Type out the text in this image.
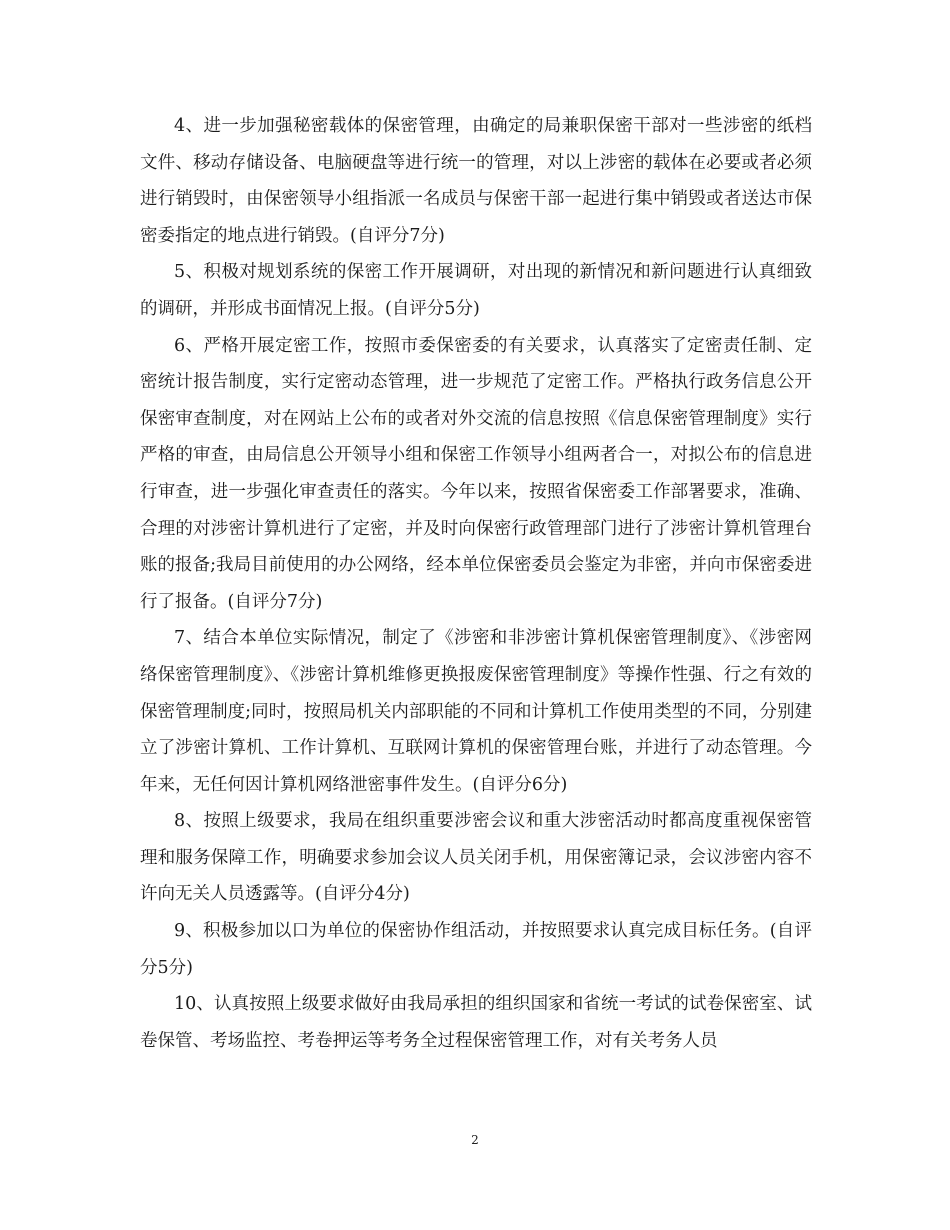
4、进一步加强秘密载体的保密管理，由确定的局兼职保密干部对一些涉密的纸档文件、移动存储设备、电脑硬盘等进行统一的管理，对以上涉密的载体在必要或者必须进行销毁时，由保密领导小组指派一名成员与保密干部一起进行集中销毁或者送达市保密委指定的地点进行销毁。(自评分7分)

5、积极对规划系统的保密工作开展调研，对出现的新情况和新问题进行认真细致的调研，并形成书面情况上报。(自评分5分)

6、严格开展定密工作，按照市委保密委的有关要求，认真落实了定密责任制、定密统计报告制度，实行定密动态管理，进一步规范了定密工作。严格执行政务信息公开保密审查制度，对在网站上公布的或者对外交流的信息按照《信息保密管理制度》实行严格的审查，由局信息公开领导小组和保密工作领导小组两者合一，对拟公布的信息进行审查，进一步强化审查责任的落实。今年以来，按照省保密委工作部署要求，准确、合理的对涉密计算机进行了定密，并及时向保密行政管理部门进行了涉密计算机管理台账的报备;我局目前使用的办公网络，经本单位保密委员会鉴定为非密，并向市保密委进行了报备。(自评分7分)

7、结合本单位实际情况，制定了《涉密和非涉密计算机保密管理制度》、《涉密网络保密管理制度》、《涉密计算机维修更换报废保密管理制度》等操作性强、行之有效的保密管理制度;同时，按照局机关内部职能的不同和计算机工作使用类型的不同，分别建立了涉密计算机、工作计算机、互联网计算机的保密管理台账，并进行了动态管理。今年来，无任何因计算机网络泄密事件发生。(自评分6分)

8、按照上级要求，我局在组织重要涉密会议和重大涉密活动时都高度重视保密管理和服务保障工作，明确要求参加会议人员关闭手机，用保密簿记录，会议涉密内容不许向无关人员透露等。(自评分4分)

9、积极参加以口为单位的保密协作组活动，并按照要求认真完成目标任务。(自评分5分)

10、认真按照上级要求做好由我局承担的组织国家和省统一考试的试卷保密室、试卷保管、考场监控、考卷押运等考务全过程保密管理工作，对有关考务人员

2
